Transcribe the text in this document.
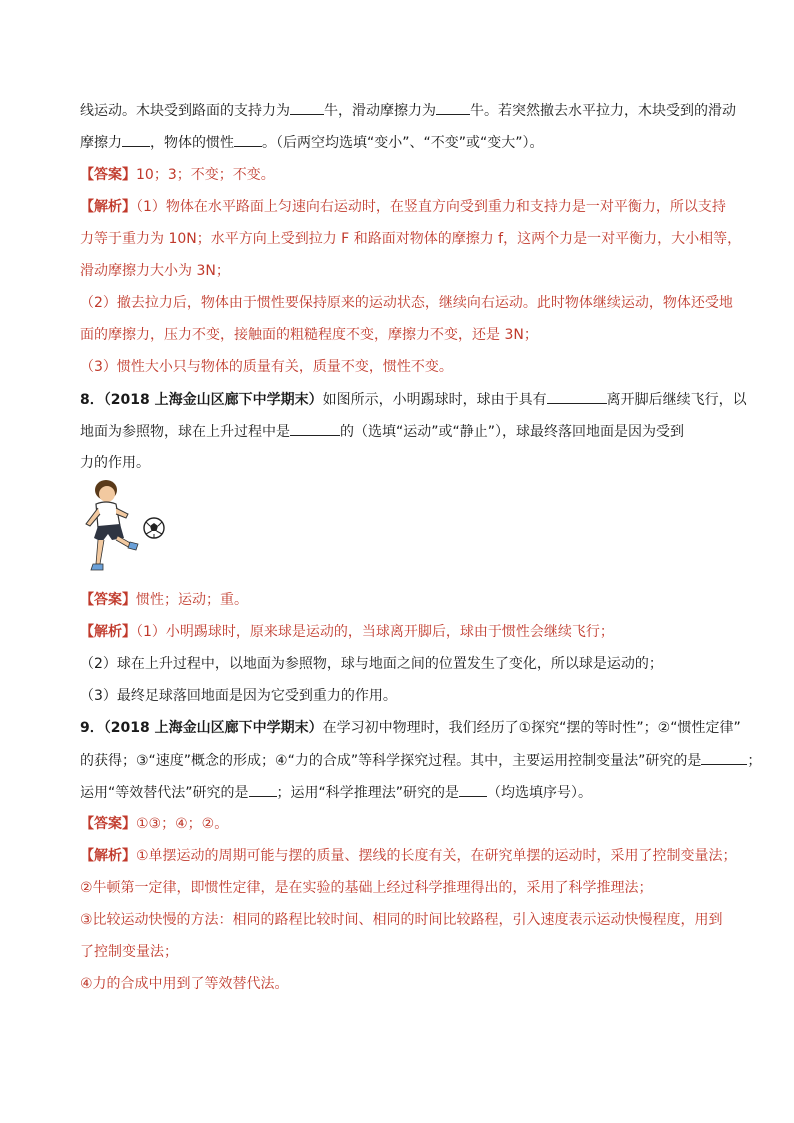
线运动。木块受到路面的支持力为 牛，滑动摩擦力为 牛。若突然撤去水平拉力，木块受到的滑动
摩擦力 ，物体的惯性 。（后两空均选填“变小”、“不变”或“变大”）。
【答案】10；3；不变；不变。
【解析】（1）物体在水平路面上匀速向右运动时，在竖直方向受到重力和支持力是一对平衡力，所以支持
力等于重力为 10N；水平方向上受到拉力 F 和路面对物体的摩擦力 f，这两个力是一对平衡力，大小相等，
滑动摩擦力大小为 3N；
（2）撤去拉力后，物体由于惯性要保持原来的运动状态，继续向右运动。此时物体继续运动，物体还受地
面的摩擦力，压力不变，接触面的粗糙程度不变，摩擦力不变，还是 3N；
（3）惯性大小只与物体的质量有关，质量不变，惯性不变。
8．（2018 上海金山区廊下中学期末）如图所示，小明踢球时，球由于具有	离开脚后继续飞行，以
地面为参照物，球在上升过程中是	的（选填“运动”或“静止”），球最终落回地面是因为受到
力的作用。
【答案】惯性；运动；重。
【解析】（1）小明踢球时，原来球是运动的，当球离开脚后，球由于惯性会继续飞行；
（2）球在上升过程中，以地面为参照物，球与地面之间的位置发生了变化，所以球是运动的；
（3）最终足球落回地面是因为它受到重力的作用。
9．（2018 上海金山区廊下中学期末）在学习初中物理时，我们经历了①探究“摆的等时性”；②“惯性定律”
的获得；③“速度”概念的形成；④“力的合成”等科学探究过程。其中，主要运用控制变量法”研究的是	；
运用“等效替代法”研究的是 ；运用“科学推理法”研究的是 （均选填序号）。
【答案】①③；④；②。
【解析】①单摆运动的周期可能与摆的质量、摆线的长度有关，在研究单摆的运动时，采用了控制变量法；
②牛顿第一定律，即惯性定律，是在实验的基础上经过科学推理得出的，采用了科学推理法；
③比较运动快慢的方法：相同的路程比较时间、相同的时间比较路程，引入速度表示运动快慢程度，用到
了控制变量法；
④力的合成中用到了等效替代法。
